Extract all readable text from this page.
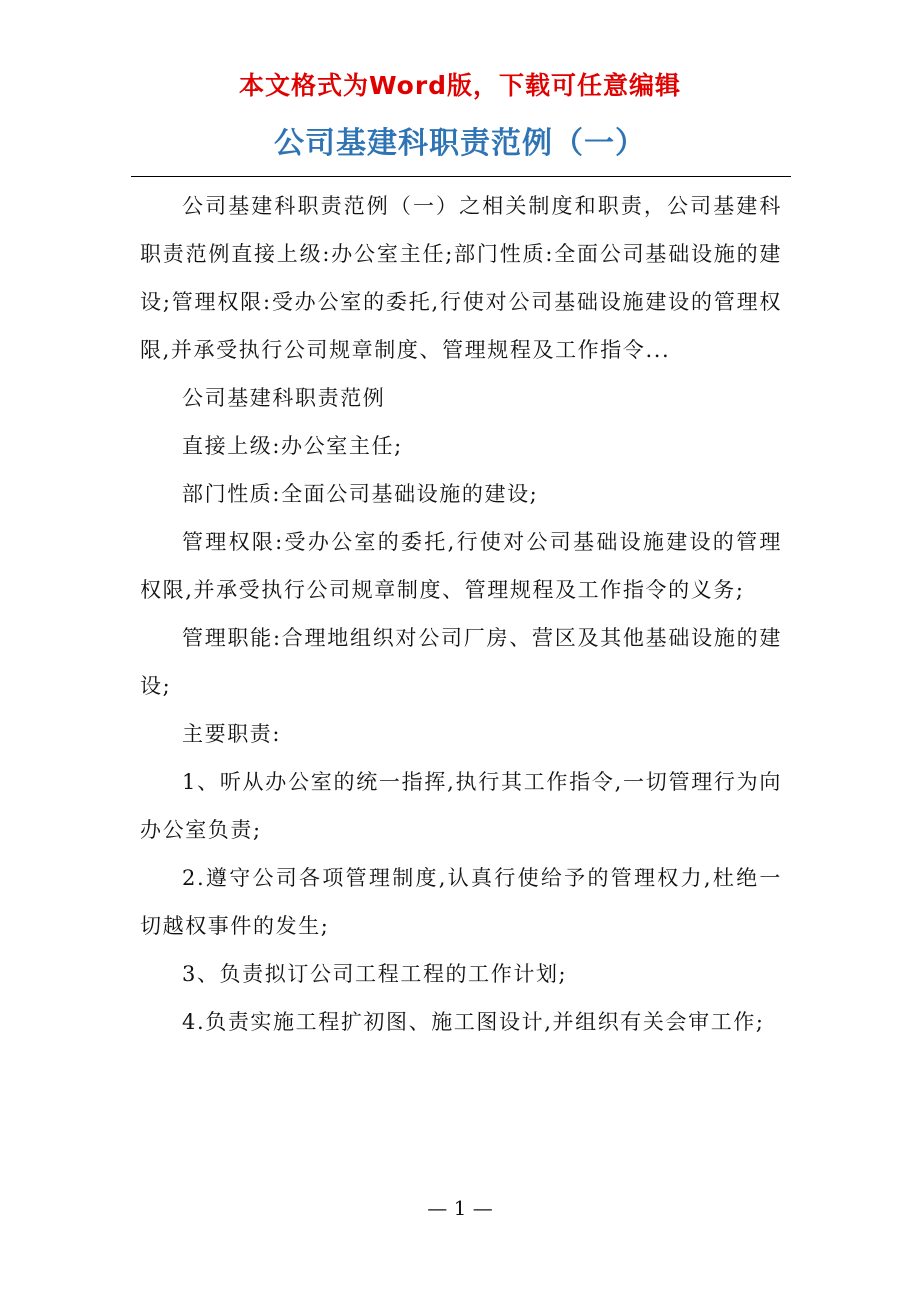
本文格式为Word版，下载可任意编辑
公司基建科职责范例（一）

公司基建科职责范例（一）之相关制度和职责，公司基建科职责范例直接上级:办公室主任;部门性质:全面公司基础设施的建设;管理权限:受办公室的委托,行使对公司基础设施建设的管理权限,并承受执行公司规章制度、管理规程及工作指令...

公司基建科职责范例

直接上级:办公室主任;

部门性质:全面公司基础设施的建设;

管理权限:受办公室的委托,行使对公司基础设施建设的管理权限,并承受执行公司规章制度、管理规程及工作指令的义务;

管理职能:合理地组织对公司厂房、营区及其他基础设施的建设;

主要职责:

1、听从办公室的统一指挥,执行其工作指令,一切管理行为向办公室负责;

2.遵守公司各项管理制度,认真行使给予的管理权力,杜绝一切越权事件的发生;

3、负责拟订公司工程工程的工作计划;

4.负责实施工程扩初图、施工图设计,并组织有关会审工作;

— 1 —
